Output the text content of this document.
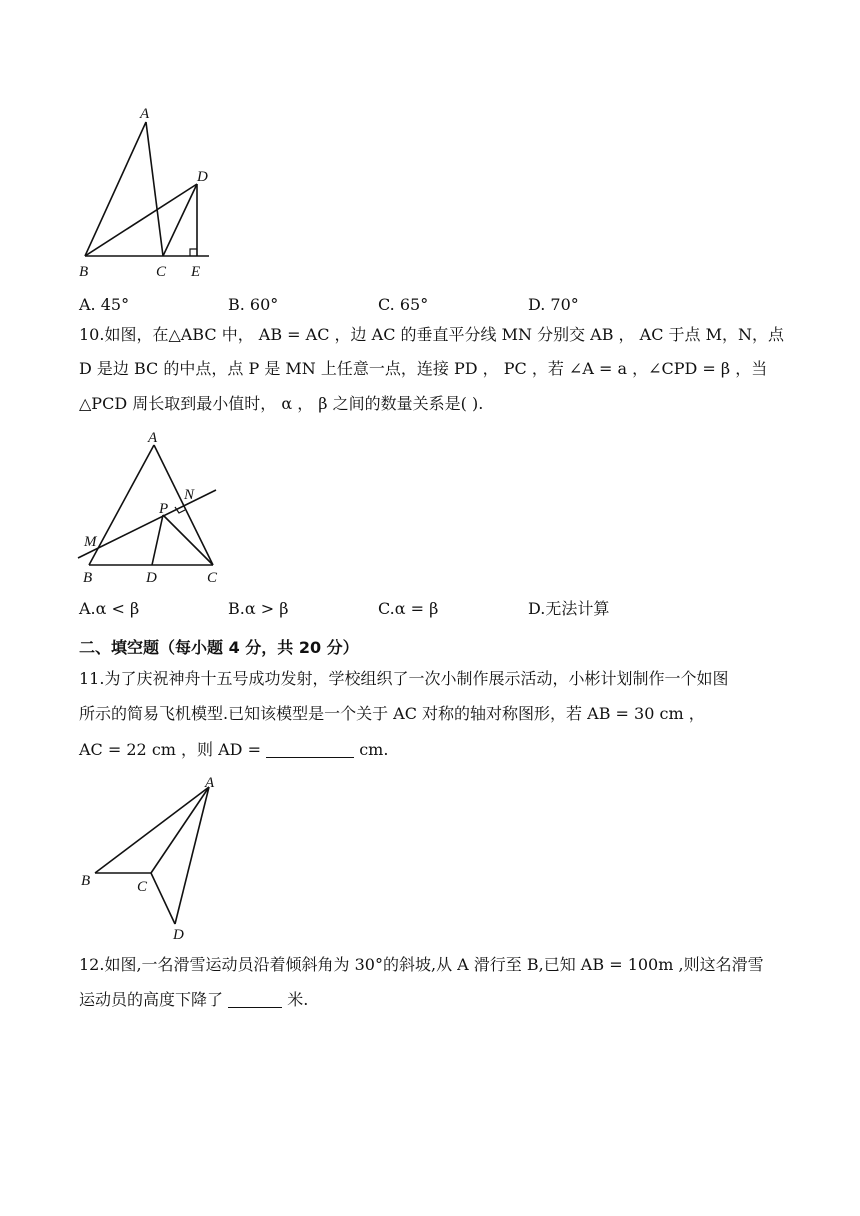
A
D
B	C E
A. 45°	B. 60°	C. 65°	D. 70°
10.如图，在△ABC 中， AB = AC ，边 AC 的垂直平分线 MN 分别交 AB ， AC 于点 M，N，点
D 是边 BC 的中点，点 P 是 MN 上任意一点，连接 PD ， PC ，若 ∠A = a ，∠CPD = β ，当
△PCD 周长取到最小值时， α ， β 之间的数量关系是( ).
A
N
P
M
B	D	C
A.α < β	B.α > β	C.α = β	D.无法计算
二、填空题（每小题 4 分，共 20 分）
11.为了庆祝神舟十五号成功发射，学校组织了一次小制作展示活动，小彬计划制作一个如图
所示的简易飞机模型.已知该模型是一个关于 AC 对称的轴对称图形，若 AB = 30 cm ，
AC = 22 cm ，则 AD =	cm.
A
B	C
D
12.如图,一名滑雪运动员沿着倾斜角为 30°的斜坡,从 A 滑行至 B,已知 AB = 100m ,则这名滑雪
运动员的高度下降了	米.
